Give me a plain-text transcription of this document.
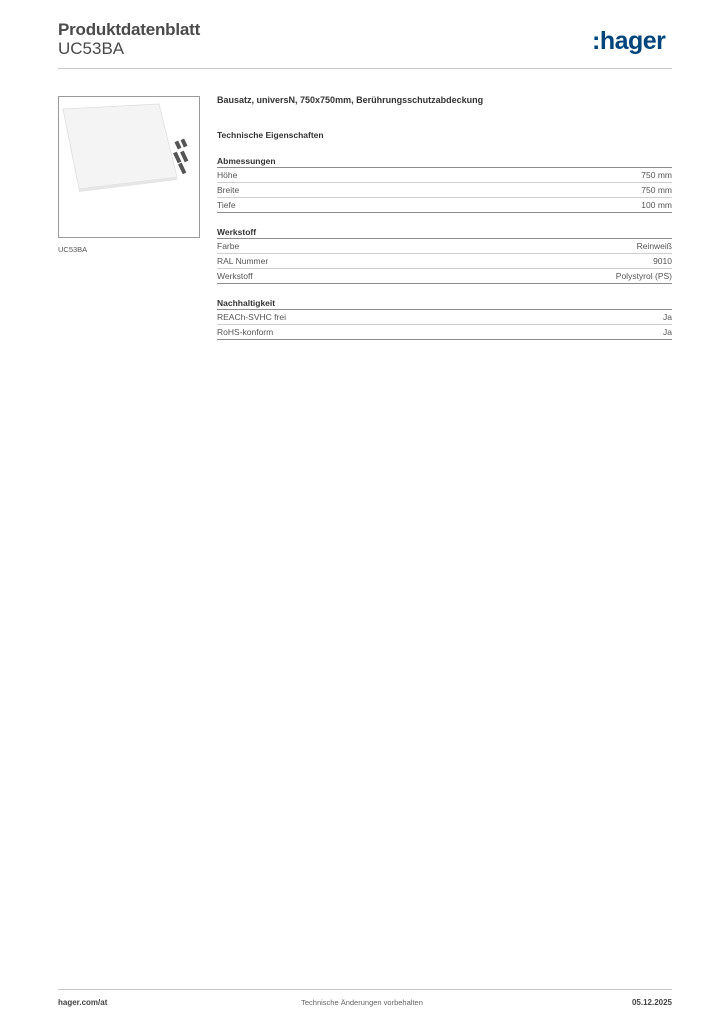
Produktdatenblatt
UC53BA	:hager
UC53BA
Bausatz, universN, 750x750mm, Berührungsschutzabdeckung
Technische Eigenschaften
Abmessungen
Höhe	750 mm
Breite	750 mm
Tiefe	100 mm
Werkstoff
Farbe	Reinweiß
RAL Nummer	9010
Werkstoff	Polystyrol (PS)
Nachhaltigkeit
REACh-SVHC frei	Ja
RoHS-konform	Ja
hager.com/at	Technische Änderungen vorbehalten	05.12.2025
